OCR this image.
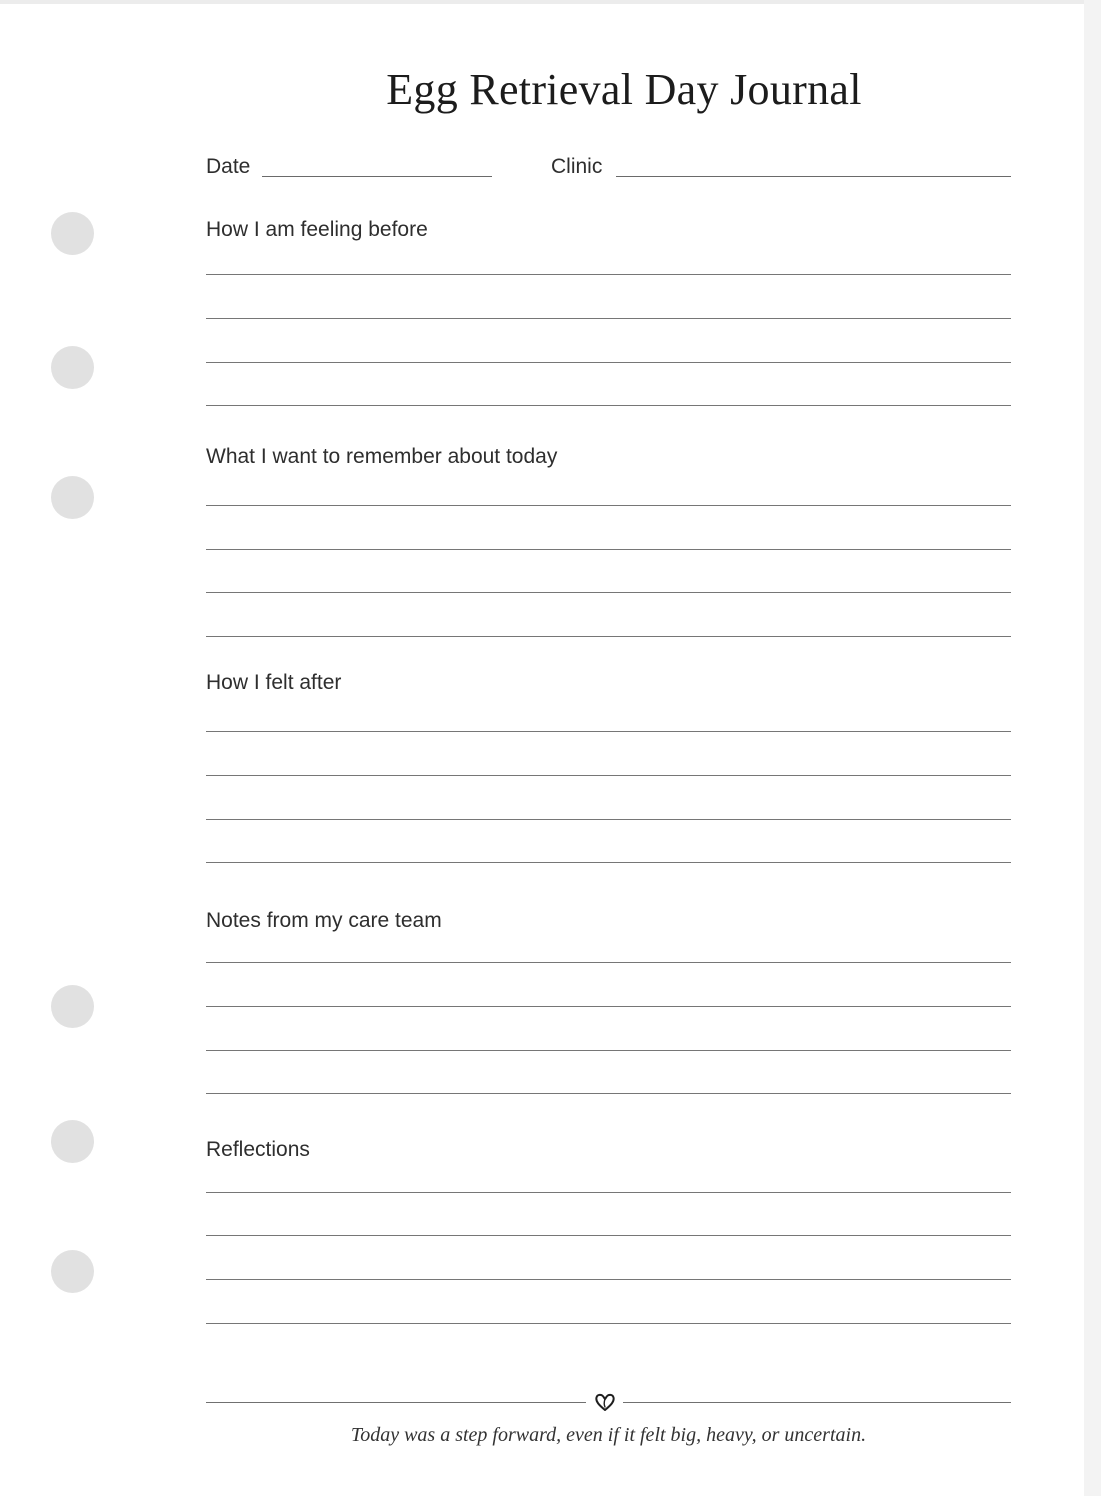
Egg Retrieval Day Journal
Date	Clinic
How I am feeling before
What I want to remember about today
How I felt after
Notes from my care team
Reflections
Today was a step forward, even if it felt big, heavy, or uncertain.
